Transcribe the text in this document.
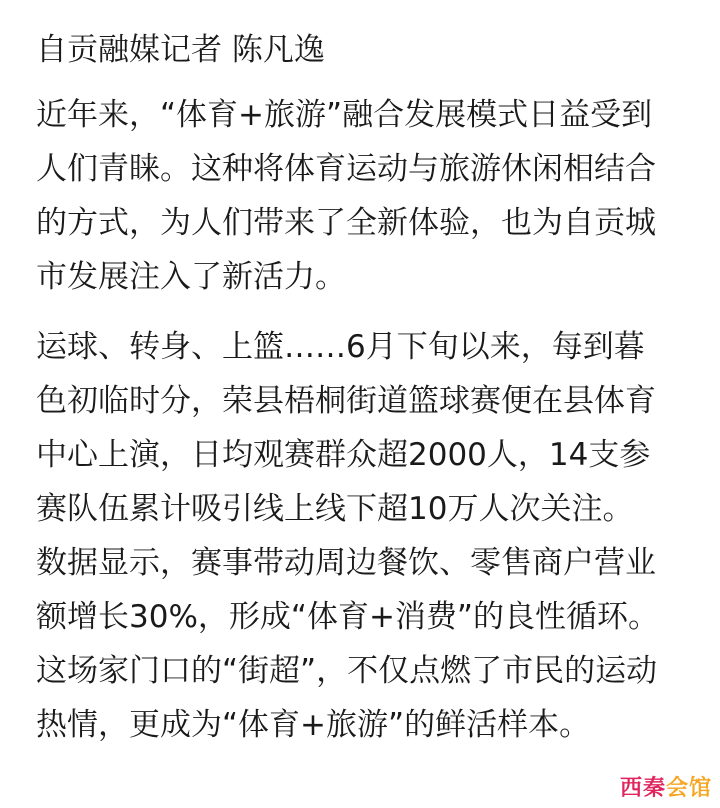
自贡融媒记者 陈凡逸

近年来，“体育+旅游”融合发展模式日益受到
人们青睐。这种将体育运动与旅游休闲相结合
的方式，为人们带来了全新体验，也为自贡城
市发展注入了新活力。

运球、转身、上篮……6月下旬以来，每到暮
色初临时分，荣县梧桐街道篮球赛便在县体育
中心上演，日均观赛群众超2000人，14支参
赛队伍累计吸引线上线下超10万人次关注。
数据显示，赛事带动周边餐饮、零售商户营业
额增长30%，形成“体育+消费”的良性循环。
这场家门口的“街超”，不仅点燃了市民的运动
热情，更成为“体育+旅游”的鲜活样本。

西秦会馆
